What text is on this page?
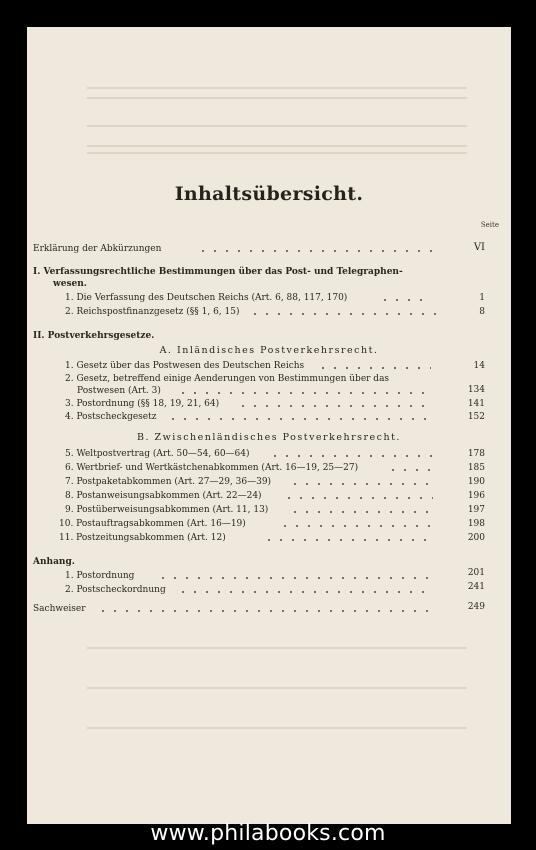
Inhaltsübersicht.
Seite
Erklärung der Abkürzungen	VI
I. Verfassungsrechtliche Bestimmungen über das Post- und Telegraphen-
wesen.
1. Die Verfassung des Deutschen Reichs (Art. 6, 88, 117, 170)	1
2. Reichspostfinanzgesetz (§§ 1, 6, 15)	8
II. Postverkehrsgesetze.
A. Inländisches Postverkehrsrecht.
1. Gesetz über das Postwesen des Deutschen Reichs	14
2. Gesetz, betreffend einige Aenderungen von Bestimmungen über das
Postwesen (Art. 3)	134
3. Postordnung (§§ 18, 19, 21, 64)	141
4. Postscheckgesetz	152
B. Zwischenländisches Postverkehrsrecht.
5. Weltpostvertrag (Art. 50—54, 60—64)	178
6. Wertbrief- und Wertkästchenabkommen (Art. 16—19, 25—27)	185
7. Postpaketabkommen (Art. 27—29, 36—39)	190
8. Postanweisungsabkommen (Art. 22—24)	196
9. Postüberweisungsabkommen (Art. 11, 13)	197
10. Postauftragsabkommen (Art. 16—19)	198
11. Postzeitungsabkommen (Art. 12)	200
Anhang.
1. Postordnung	201
2. Postscheckordnung	241
Sachweiser	249
www.philabooks.com
